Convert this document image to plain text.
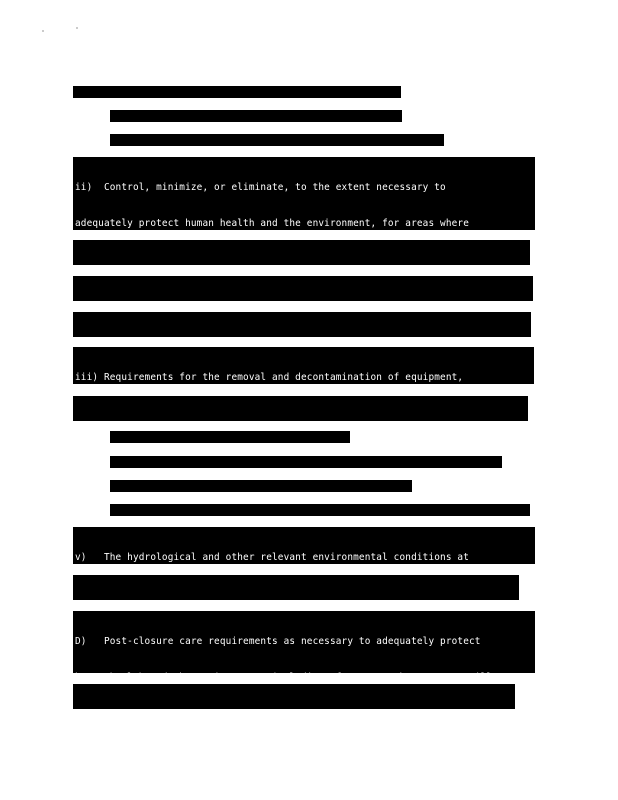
ii)  Control, minimize, or eliminate, to the extent necessary to

adequately protect human health and the environment, for areas where

iii) Requirements for the removal and decontamination of equipment,

v)   The hydrological and other relevant environmental conditions at

D)   Post-closure care requirements as necessary to adequately protect
